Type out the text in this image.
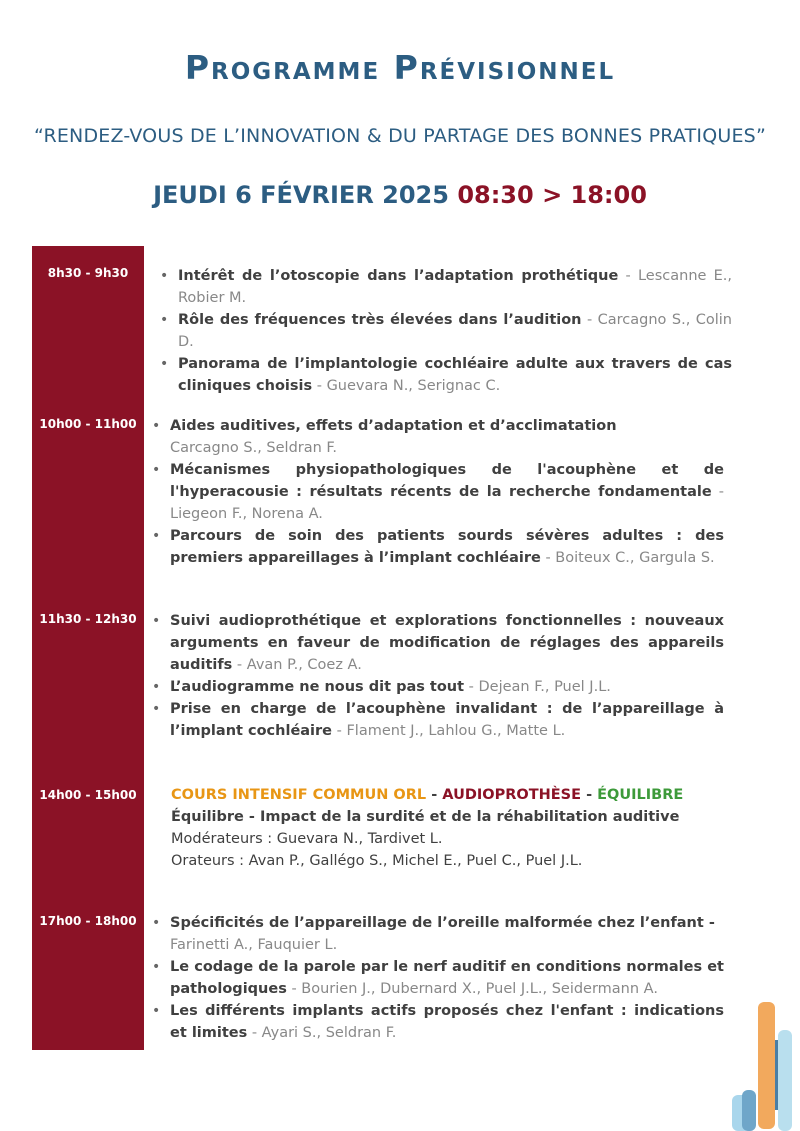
Programme Prévisionnel

“RENDEZ-VOUS DE L’INNOVATION & DU PARTAGE DES BONNES PRATIQUES”

JEUDI 6 FÉVRIER 2025 08:30 > 18:00

8h30 - 9h30	• Intérêt de l’otoscopie dans l’adaptation prothétique - Lescanne E., Robier M.
• Rôle des fréquences très élevées dans l’audition - Carcagno S., Colin D.
• Panorama de l’implantologie cochléaire adulte aux travers de cas cliniques choisis - Guevara N., Serignac C.
10h00 - 11h00	• Aides auditives, effets d’adaptation et d’acclimatation
Carcagno S., Seldran F.
• Mécanismes physiopathologiques de l'acouphène et de l'hyperacousie : résultats récents de la recherche fondamentale - Liegeon F., Norena A.
• Parcours de soin des patients sourds sévères adultes : des premiers appareillages à l’implant cochléaire - Boiteux C., Gargula S.
11h30 - 12h30	• Suivi audioprothétique et explorations fonctionnelles : nouveaux arguments en faveur de modification de réglages des appareils auditifs - Avan P., Coez A.
• L’audiogramme ne nous dit pas tout - Dejean F., Puel J.L.
• Prise en charge de l’acouphène invalidant : de l’appareillage à l’implant cochléaire - Flament J., Lahlou G., Matte L.
14h00 - 15h00	COURS INTENSIF COMMUN ORL - AUDIOPROTHÈSE - ÉQUILIBRE
Équilibre - Impact de la surdité et de la réhabilitation auditive
Modérateurs : Guevara N., Tardivet L.
Orateurs : Avan P., Gallégo S., Michel E., Puel C., Puel J.L.
17h00 - 18h00	• Spécificités de l’appareillage de l’oreille malformée chez l’enfant -
Farinetti A., Fauquier L.
• Le codage de la parole par le nerf auditif en conditions normales et pathologiques - Bourien J., Dubernard X., Puel J.L., Seidermann A.
• Les différents implants actifs proposés chez l'enfant : indications et limites - Ayari S., Seldran F.
